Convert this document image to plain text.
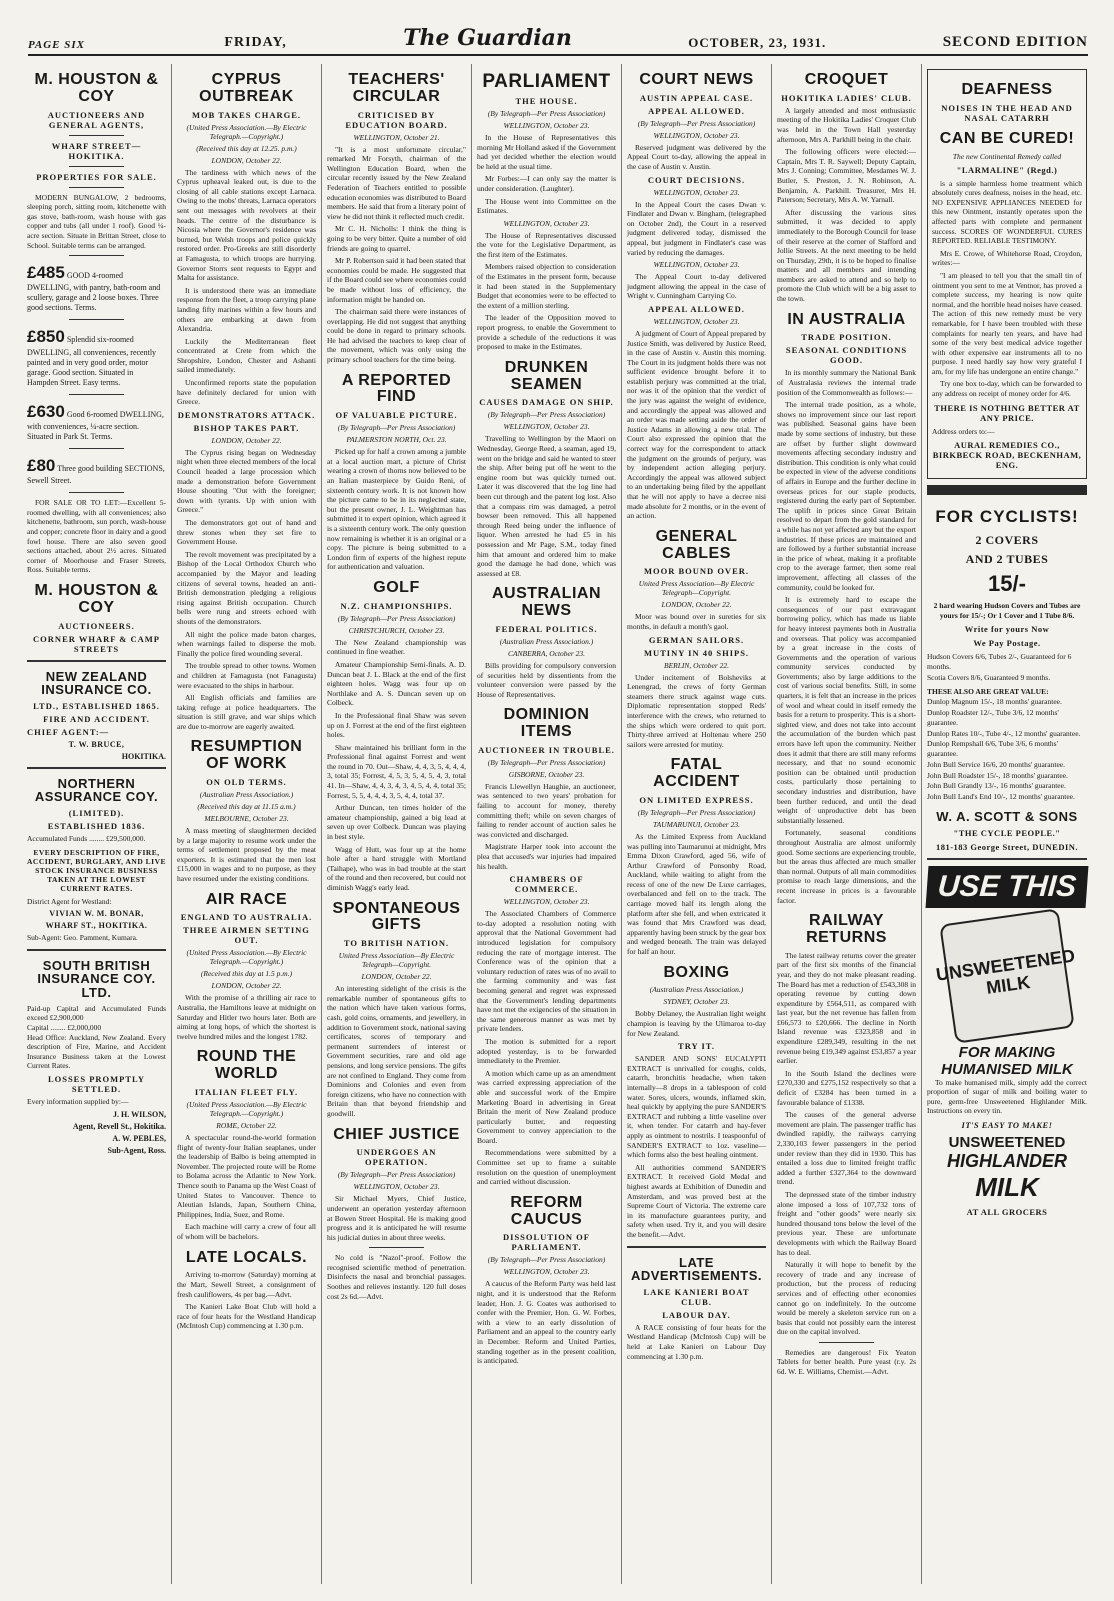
PAGE SIX	FRIDAY,	The Guardian	OCTOBER, 23, 1931.	SECOND EDITION
M. HOUSTON & COY
AUCTIONEERS AND GENERAL AGENTS,
WHARF STREET—HOKITIKA.
PROPERTIES FOR SALE.

MODERN BUNGALOW, 2 bedrooms, sleeping porch, sitting room, kitchenette with gas stove, bath-room, wash house with gas copper and tubs (all under 1 roof). Good ¼-acre section. Situate in Brittan Street, close to School. Suitable terms can be arranged.

£485 GOOD 4-roomed DWELLING, with pantry, bath-room and scullery, garage and 2 loose boxes. Three good sections. Terms.
£850 Splendid six-roomed DWELLING, all conveniences, recently painted and in very good order, motor garage. Good section. Situated in Hampden Street. Easy terms.
£630 Good 6-roomed DWELLING, with conveniences, ¼-acre section. Situated in Park St. Terms.
£80 Three good building SECTIONS, Sewell Street.

FOR SALE OR TO LET:—Excellent 5-roomed dwelling, with all conveniences; also kitchenette, bathroom, sun porch, wash-house and copper; concrete floor in dairy and a good fowl house. There are also seven good sections attached, about 2½ acres. Situated corner of Moorhouse and Fraser Streets, Ross. Suitable terms.

M. HOUSTON & COY
AUCTIONEERS.
CORNER WHARF & CAMP STREETS
NEW ZEALAND INSURANCE CO.
LTD., ESTABLISHED 1865.
FIRE AND ACCIDENT.
CHIEF AGENT:—
T. W. BRUCE,
HOKITIKA.
NORTHERN ASSURANCE COY.
(LIMITED).
ESTABLISHED 1836.
Accumulated Funds ........ £29,500,000.
EVERY DESCRIPTION OF FIRE, ACCIDENT, BURGLARY, AND LIVE STOCK INSURANCE BUSINESS TAKEN AT THE LOWEST CURRENT RATES.
District Agent for Westland:
VIVIAN W. M. BONAR,
WHARF ST., HOKITIKA.
Sub-Agent: Geo. Pamment, Kumara.
SOUTH BRITISH INSURANCE COY. LTD.
Paid-up Capital and Accumulated Funds exceed £2,900,000
Capital ........ £2,000,000
Head Office: Auckland, New Zealand. Every description of Fire, Marine, and Accident Insurance Business taken at the Lowest Current Rates.
LOSSES PROMPTLY SETTLED.
Every information supplied by:—
J. H. WILSON,
Agent, Revell St., Hokitika.
A. W. PEBLES,
Sub-Agent, Ross.
CYPRUS OUTBREAK
MOB TAKES CHARGE.
(United Press Association.—By Electric Telegraph.—Copyright.)
(Received this day at 12.25. p.m.)
LONDON, October 22.

The tardiness with which news of the Cyprus upheaval leaked out, is due to the closing of all cable stations except Larnaca. Owing to the mobs' threats, Larnaca operators sent out messages with revolvers at their heads. The centre of the disturbance is Nicosia where the Governor's residence was burned, but Welsh troops and police quickly restored order. Pro-Greeks are still disorderly at Famagusta, to which troops are hurrying. Governor Storrs sent requests to Egypt and Malta for assistance.

It is understood there was an immediate response from the fleet, a troop carrying plane landing fifty marines within a few hours and others are embarking at dawn from Alexandria.

Luckily the Mediterranean fleet concentrated at Crete from which the Shropshire, London, Chester and Ashanti sailed immediately.

Unconfirmed reports state the population have definitely declared for union with Greece.

DEMONSTRATORS ATTACK.
BISHOP TAKES PART.
LONDON, October 22.

The Cyprus rising began on Wednesday night when three elected members of the local Council headed a large procession which made a demonstration before Government House shouting "Out with the foreigner; down with tyrants. Up with union with Greece."

The demonstrators got out of hand and threw stones when they set fire to Government House.

The revolt movement was precipitated by a Bishop of the Local Orthodox Church who accompanied by the Mayor and leading citizens of several towns, headed an anti-British demonstration pledging a religious rising against British occupation. Church bells were rung and streets echoed with shouts of the demonstrators.

All night the police made baton charges, when warnings failed to disperse the mob. Finally the police fired wounding several.

The trouble spread to other towns. Women and children at Famagusta (not Fanagusta) were evacuated to the ships in harbour.

All English officials and families are taking refuge at police headquarters. The situation is still grave, and war ships which are due to-morrow are eagerly awaited.

RESUMPTION OF WORK
ON OLD TERMS.
(Australian Press Association.)
(Received this day at 11.15 a.m.)
MELBOURNE, October 23.

A mass meeting of slaughtermen decided by a large majority to resume work under the terms of settlement proposed by the meat exporters. It is estimated that the men lost £15,000 in wages and to no purpose, as they have resumed under the existing conditions.

AIR RACE
ENGLAND TO AUSTRALIA.
THREE AIRMEN SETTING OUT.
(United Press Association.—By Electric Telegraph.—Copyright.)
(Received this day at 1.5 p.m.)
LONDON, October 22.

With the promise of a thrilling air race to Australia, the Hamiltons leave at midnight on Saturday and Hitler two hours later. Both are aiming at long hops, of which the shortest is twelve hundred miles and the longest 1782.

ROUND THE WORLD
ITALIAN FLEET FLY.
(United Press Association.—By Electric Telegraph.—Copyright.)
ROME, October 22.

A spectacular round-the-world formation flight of twenty-four Italian seaplanes, under the leadership of Balbo is being attempted in November. The projected route will be Rome to Bolama across the Atlantic to New York. Thence south to Panama up the West Coast of United States to Vancouver. Thence to Aleutian Islands, Japan, Southern China, Philippines, India, Suez, and Rome.

Each machine will carry a crew of four all of whom will be bachelors.

LATE LOCALS.

Arriving to-morrow (Saturday) morning at the Mart, Sewell Street, a consignment of fresh cauliflowers, 4s per bag.—Advt.

The Kanieri Lake Boat Club will hold a race of four heats for the Westland Handicap (McIntosh Cup) commencing at 1.30 p.m.

TEACHERS' CIRCULAR
CRITICISED BY EDUCATION BOARD.
WELLINGTON, October 21.

"It is a most unfortunate circular," remarked Mr Forsyth, chairman of the Wellington Education Board, when the circular recently issued by the New Zealand Federation of Teachers entitled to possible education economies was distributed to Board members. He said that from a literary point of view he did not think it reflected much credit.

Mr C. H. Nicholls: I think the thing is going to be very bitter. Quite a number of old friends are going to quarrel.

Mr P. Robertson said it had been stated that economies could be made. He suggested that if the Board could see where economies could be made without loss of efficiency, the information might be handed on.

The chairman said there were instances of overlapping. He did not suggest that anything could be done in regard to primary schools. He had advised the teachers to keep clear of the movement, which was only using the primary school teachers for the time being.

A REPORTED FIND
OF VALUABLE PICTURE.
(By Telegraph—Per Press Association)
PALMERSTON NORTH, Oct. 23.

Picked up for half a crown among a jumble at a local auction mart, a picture of Christ wearing a crown of thorns now believed to be an Italian masterpiece by Guido Reni, of sixteenth century work. It is not known how the picture came to be in its neglected state, but the present owner, J. L. Weightman has submitted it to expert opinion, which agreed it is a sixteenth century work. The only question now remaining is whether it is an original or a copy. The picture is being submitted to a London firm of experts of the highest repute for authentication and valuation.

GOLF
N.Z. CHAMPIONSHIPS.
(By Telegraph—Per Press Association)
CHRISTCHURCH, October 23.

The New Zealand championship was continued in fine weather.

Amateur Championship Semi-finals. A. D. Duncan beat J. L. Black at the end of the first eighteen holes. Wagg was four up on Northlake and A. S. Duncan seven up on Colbeck.

In the Professional final Shaw was seven up on J. Forrest at the end of the first eighteen holes.

Shaw maintained his brilliant form in the Professional final against Forrest and went the round in 70. Out—Shaw, 4, 4, 3, 5, 4, 4, 4, 3, total 35; Forrest, 4, 5, 3, 5, 4, 5, 4, 3, total 41. In—Shaw, 4, 4, 3, 4, 3, 4, 5, 4, 4, total 35; Forrest, 5, 5, 4, 4, 4, 3, 5, 4, 4, total 37.

Arthur Duncan, ten times holder of the amateur championship, gained a big lead at seven up over Colbeck. Duncan was playing in best style.

Wagg of Hutt, was four up at the home hole after a hard struggle with Mortland (Taihape), who was in bad trouble at the start of the round and then recovered, but could not diminish Wagg's early lead.

SPONTANEOUS GIFTS
TO BRITISH NATION.
United Press Association—By Electric Telegraph—Copyright.
LONDON, October 22.

An interesting sidelight of the crisis is the remarkable number of spontaneous gifts to the nation which have taken various forms, cash, gold coins, ornaments, and jewellery, in addition to Government stock, national saving certificates, scores of temporary and permanent surrenders of interest or Government securities, rare and old age pensions, and long service pensions. The gifts are not confined to England. They come from Dominions and Colonies and even from foreign citizens, who have no connection with Britain than that beyond friendship and goodwill.

CHIEF JUSTICE
UNDERGOES AN OPERATION.
(By Telegraph—Per Press Association)
WELLINGTON, October 23.

Sir Michael Myers, Chief Justice, underwent an operation yesterday afternoon at Bowen Street Hospital. He is making good progress and it is anticipated he will resume his judicial duties in about three weeks.

No cold is "Nazol"-proof. Follow the recognised scientific method of penetration. Disinfects the nasal and bronchial passages. Soothes and relieves instantly. 120 full doses cost 2s 6d.—Advt.

PARLIAMENT
THE HOUSE.
(By Telegraph—Per Press Association)
WELLINGTON, October 23.

In the House of Representatives this morning Mr Holland asked if the Government had yet decided whether the election would be held at the usual time.

Mr Forbes:—I can only say the matter is under consideration. (Laughter).

The House went into Committee on the Estimates.

WELLINGTON, October 23.

The House of Representatives discussed the vote for the Legislative Department, as the first item of the Estimates.

Members raised objection to consideration of the Estimates in the present form, because it had been stated in the Supplementary Budget that economies were to be effected to the extent of a million sterling.

The leader of the Opposition moved to report progress, to enable the Government to provide a schedule of the reductions it was proposed to make in the Estimates.

DRUNKEN SEAMEN
CAUSES DAMAGE ON SHIP.
(By Telegraph—Per Press Association)
WELLINGTON, October 23.

Travelling to Wellington by the Maori on Wednesday, George Reed, a seaman, aged 19, went on the bridge and said he wanted to steer the ship. After being put off he went to the engine room but was quickly turned out. Later it was discovered that the log line had been cut through and the patent log lost. Also that a compass rim was damaged, a petrol bowser been removed. This all happened through Reed being under the influence of liquor. When arrested he had £5 in his possession and Mr Page, S.M., today fined him that amount and ordered him to make good the damage he had done, which was assessed at £8.

AUSTRALIAN NEWS
FEDERAL POLITICS.
(Australian Press Association.)
CANBERRA, October 23.

Bills providing for compulsory conversion of securities held by dissentients from the volunteer conversion were passed by the House of Representatives.

DOMINION ITEMS
AUCTIONEER IN TROUBLE.
(By Telegraph—Per Press Association)
GISBORNE, October 23.

Francis Llewellyn Haughie, an auctioneer, was sentenced to two years' probation for failing to account for money, thereby committing theft; while on seven charges of failing to render account of auction sales he was convicted and discharged.

Magistrate Harper took into account the plea that accused's war injuries had impaired his health.

CHAMBERS OF COMMERCE.
WELLINGTON, October 23.

The Associated Chambers of Commerce to-day adopted a resolution noting with approval that the National Government had introduced legislation for compulsory reducing the rate of mortgage interest. The Conference was of the opinion that a voluntary reduction of rates was of no avail to the farming community and was fast becoming general and regret was expressed that the Government's lending departments have not met the exigencies of the situation in the same generous manner as was met by private lenders.

The motion is submitted for a report adopted yesterday, is to be forwarded immediately to the Premier.

A motion which came up as an amendment was carried expressing appreciation of the able and successful work of the Empire Marketing Board in advertising in Great Britain the merit of New Zealand produce particularly butter, and requesting Government to convey appreciation to the Board.

Recommendations were submitted by a Committee set up to frame a suitable resolution on the question of unemployment and carried without discussion.

REFORM CAUCUS
DISSOLUTION OF PARLIAMENT.
(By Telegraph—Per Press Association)
WELLINGTON, October 23.

A caucus of the Reform Party was held last night, and it is understood that the Reform leader, Hon. J. G. Coates was authorised to confer with the Premier, Hon. G. W. Forbes, with a view to an early dissolution of Parliament and an appeal to the country early in December. Reform and United Parties, standing together as in the present coalition, is anticipated.

COURT NEWS
AUSTIN APPEAL CASE.
APPEAL ALLOWED.
(By Telegraph—Per Press Association)
WELLINGTON, October 23.

Reserved judgment was delivered by the Appeal Court to-day, allowing the appeal in the case of Austin v. Austin.

COURT DECISIONS.
WELLINGTON, October 23.

In the Appeal Court the cases Dwan v. Findlater and Dwan v. Bingham, (telegraphed on October 2nd), the Court in a reserved judgment delivered today, dismissed the appeal, but judgment in Findlater's case was varied by reducing the damages.

WELLINGTON, October 23.

The Appeal Court to-day delivered judgment allowing the appeal in the case of Wright v. Cunningham Carrying Co.

APPEAL ALLOWED.
WELLINGTON, October 23.

A judgment of Court of Appeal prepared by Justice Smith, was delivered by Justice Reed, in the case of Austin v. Austin this morning. The Court in its judgment holds there was not sufficient evidence brought before it to establish perjury was committed at the trial, nor was it of the opinion that the verdict of the jury was against the weight of evidence, and accordingly the appeal was allowed and an order was made setting aside the order of Justice Adams in allowing a new trial. The Court also expressed the opinion that the correct way for the correspondent to attack the judgment on the grounds of perjury, was by independent action alleging perjury. Accordingly the appeal was allowed subject to an undertaking being filed by the appellant that he will not apply to have a decree nisi made absolute for 2 months, or in the event of an action.

GENERAL CABLES
MOOR BOUND OVER.
United Press Association—By Electric Telegraph—Copyright.
LONDON, October 22.

Moor was bound over in sureties for six months, in default a month's gaol.

GERMAN SAILORS.
MUTINY IN 40 SHIPS.
BERLIN, October 22.

Under incitement of Bolsheviks at Lenengrad, the crews of forty German steamers there struck against wage cuts. Diplomatic representation stopped Reds' interference with the crews, who returned to the ships which were ordered to quit port. Thirty-three arrived at Holtenau where 250 sailors were arrested for mutiny.

FATAL ACCIDENT
ON LIMITED EXPRESS.
(By Telegraph—Per Press Association)
TAUMARUNUI, October 23.

As the Limited Express from Auckland was pulling into Taumarunui at midnight, Mrs Emma Dixon Crawford, aged 56, wife of Arthur Crawford of Ponsonby Road, Auckland, while waiting to alight from the recess of one of the new De Luxe carriages, overbalanced and fell on to the track. The carriage moved half its length along the platform after she fell, and when extricated it was found that Mrs Crawford was dead, apparently having been struck by the gear box and wedged beneath. The train was delayed for half an hour.

BOXING
(Australian Press Association.)
SYDNEY, October 23.

Bobby Delaney, the Australian light weight champion is leaving by the Ulimaroa to-day for New Zealand.

TRY IT.

SANDER AND SONS' EUCALYPTI EXTRACT is unrivalled for coughs, colds, catarrh, bronchitis headache, when taken internally—8 drops in a tablespoon of cold water. Sores, ulcers, wounds, inflamed skin, heal quickly by applying the pure SANDER'S EXTRACT and rubbing a little vaseline over it, when tender. For catarrh and hay-fever apply as ointment to nostrils. I teaspoonful of SANDER'S EXTRACT to 1oz. vaseline—which forms also the best healing ointment.

All authorities commend SANDER'S EXTRACT. It received Gold Medal and highest awards at Exhibition of Dunedin and Amsterdam, and was proved best at the Supreme Court of Victoria. The extreme care in its manufacture guarantees purity, and safety when used. Try it, and you will desire the benefit.—Advt.

LATE ADVERTISEMENTS.
LAKE KANIERI BOAT CLUB.
LABOUR DAY.

A RACE consisting of four heats for the Westland Handicap (McIntosh Cup) will be held at Lake Kanieri on Labour Day commencing at 1.30 p.m.

CROQUET
HOKITIKA LADIES' CLUB.

A largely attended and most enthusiastic meeting of the Hokitika Ladies' Croquet Club was held in the Town Hall yesterday afternoon, Mrs A. Parkhill being in the chair.

The following officers were elected:—Captain, Mrs T. R. Saywell; Deputy Captain, Mrs J. Conning; Committee, Mesdames W. J. Butler, S. Preston, J. N. Robinson, A. Benjamin, A. Parkhill. Treasurer, Mrs H. Paterson; Secretary, Mrs A. W. Yarnall.

After discussing the various sites submitted, it was decided to apply immediately to the Borough Council for lease of their reserve at the corner of Stafford and Jollie Streets. At the next meeting to be held on Thursday, 29th, it is to be hoped to finalise matters and all members and intending members are asked to attend and so help to promote the Club which will be a big asset to the town.

IN AUSTRALIA
TRADE POSITION.
SEASONAL CONDITIONS GOOD.

In its monthly summary the National Bank of Australasia reviews the internal trade position of the Commonwealth as follows:—

The internal trade position, as a whole, shows no improvement since our last report was published. Seasonal gains have been made by some sections of industry, but these are offset by further slight downward movements affecting secondary industry and distribution. This condition is only what could be expected in view of the adverse conditions of affairs in Europe and the further decline in overseas prices for our staple products, registered during the early part of September. The uplift in prices since Great Britain resolved to depart from the gold standard for a while has not yet affected any but the export industries. If these prices are maintained and are followed by a further substantial increase in the price of wheat, making it a profitable crop to the average farmer, then some real improvement, affecting all classes of the community, could be looked for.

It is extremely hard to escape the consequences of our past extravagant borrowing policy, which has made us liable for heavy interest payments both in Australia and overseas. That policy was accompanied by a great increase in the costs of Governments and the operation of various community services conducted by Governments; also by large additions to the cost of various social benefits. Still, in some quarters, it is felt that an increase in the prices of wool and wheat could in itself remedy the basis for a return to prosperity. This is a short-sighted view, and does not take into account the accumulation of the burden which past errors have left upon the community. Neither does it admit that there are still many reforms necessary, and that no sound economic position can be obtained until production costs, particularly those pertaining to secondary industries and distribution, have been further reduced, and until the dead weight of unproductive debt has been substantially lessened.

Fortunately, seasonal conditions throughout Australia are almost uniformly good. Some sections are experiencing trouble, but the areas thus affected are much smaller than normal. Outputs of all main commodities promise to reach large dimensions, and the recent increase in prices is a favourable factor.

RAILWAY RETURNS

The latest railway returns cover the greater part of the first six months of the financial year, and they do not make pleasant reading. The Board has met a reduction of £543,308 in operating revenue by cutting down expenditure by £564,511, as compared with last year, but the net revenue has fallen from £66,573 to £20,666. The decline in North Island revenue was £323,858 and in expenditure £289,349, resulting in the net revenue being £19,349 against £53,857 a year earlier.

In the South Island the declines were £270,330 and £275,152 respectively so that a deficit of £3284 has been turned in a favourable balance of £1338.

The causes of the general adverse movement are plain. The passenger traffic has dwindled rapidly, the railways carrying 2,330,103 fewer passengers in the period under review than they did in 1930. This has entailed a loss due to limited freight traffic added a further £327,364 to the downward trend.

The depressed state of the timber industry alone imposed a loss of 107,732 tons of freight and "other goods" were nearly six hundred thousand tons below the level of the previous year. These are unfortunate developments with which the Railway Board has to deal.

Naturally it will hope to benefit by the recovery of trade and any increase of production, but the process of reducing services and of effecting other economies cannot go on indefinitely. In the outcome would be merely a skeleton service run on a basis that could not possibly earn the interest due on the capital involved.

Remedies are dangerous! Fix Yeaton Tablets for better health. Pure yeast (r.y. 2s 6d. W. E. Williams, Chemist.—Advt.

DEAFNESS
NOISES IN THE HEAD AND NASAL CATARRH
CAN BE CURED!
The new Continental Remedy called
"LARMALINE" (Regd.)

is a simple harmless home treatment which absolutely cures deafness, noises in the head, etc. NO EXPENSIVE APPLIANCES NEEDED for this new Ointment, instantly operates upon the affected parts with complete and permanent success. SCORES OF WONDERFUL CURES REPORTED. RELIABLE TESTIMONY.

Mrs E. Crowe, of Whitehorse Road, Croydon, writes:—

"I am pleased to tell you that the small tin of ointment you sent to me at Ventnor, has proved a complete success, my hearing is now quite normal, and the horrible head noises have ceased. The action of this new remedy must be very remarkable, for I have been troubled with these complaints for nearly ten years, and have had some of the very best medical advice together with other expensive ear instruments all to no purpose. I need hardly say how very grateful I am, for my life has undergone an entire change."

Try one box to-day, which can be forwarded to any address on receipt of money order for 4/6.

THERE IS NOTHING BETTER AT ANY PRICE.
Address orders to:—
AURAL REMEDIES CO., BIRKBECK ROAD, BECKENHAM, ENG.
FOR CYCLISTS!
2 COVERS
AND 2 TUBES
15/-
2 hard wearing Hudson Covers and Tubes are yours for 15/-; Or 1 Cover and 1 Tube 8/6.
Write for yours Now
We Pay Postage.
Hudson Covers 6/6, Tubes 2/-, Guaranteed for 6 months.
Scotia Covers 8/6, Guaranteed 9 months.
THESE ALSO ARE GREAT VALUE:
Dunlop Magnum 15/-, 18 months' guarantee.
Dunlop Roadster 12/-, Tube 3/6, 12 months' guarantee.
Dunlop Rates 10/-, Tube 4/-, 12 months' guarantee.
Dunlop Rempshall 6/6, Tube 3/6, 6 months' guarantee.
John Bull Service 16/6, 20 months' guarantee.
John Bull Roadster 15/-, 18 months' guarantee.
John Bull Grandly 13/-, 16 months' guarantee.
John Bull Land's End 10/-, 12 months' guarantee.
W. A. SCOTT & SONS
"THE CYCLE PEOPLE."
181-183 George Street, DUNEDIN.
USE THIS
UNSWEETENED MILK
FOR MAKING HUMANISED MILK

To make humanised milk, simply add the correct proportion of sugar of milk and boiling water to pure, germ-free Unsweetened Highlander Milk. Instructions on every tin.

IT'S EASY TO MAKE!
UNSWEETENED
HIGHLANDER
MILK
AT ALL GROCERS
